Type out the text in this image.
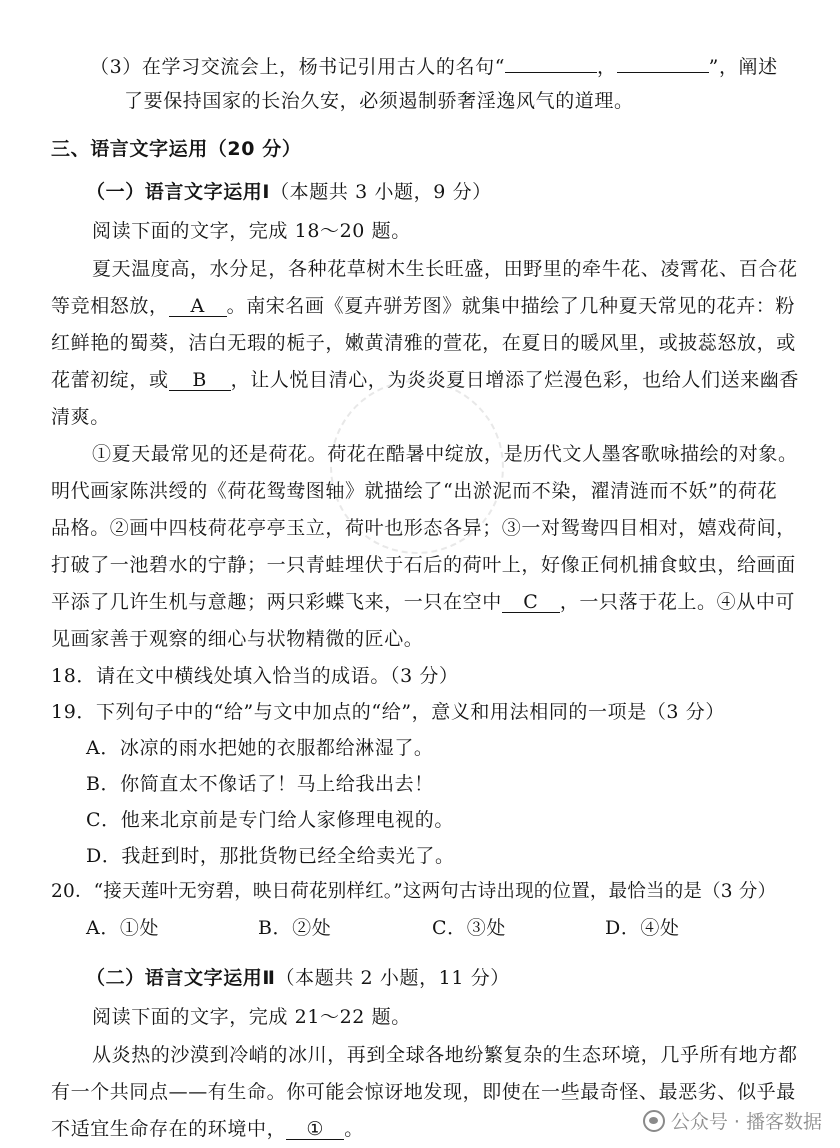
（3）在学习交流会上，杨书记引用古人的名句“	，	”，阐述
了要保持国家的长治久安，必须遏制骄奢淫逸风气的道理。
三、语言文字运用（20 分）
（一）语言文字运用Ⅰ（本题共 3 小题，9 分）
阅读下面的文字，完成 18～20 题。
夏天温度高，水分足，各种花草树木生长旺盛，田野里的牵牛花、凌霄花、百合花
等竞相怒放， A 。南宋名画《夏卉骈芳图》就集中描绘了几种夏天常见的花卉：粉
红鲜艳的蜀葵，洁白无瑕的栀子，嫩黄清雅的萱花，在夏日的暖风里，或披蕊怒放，或
花蕾初绽，或 B ，让人悦目清心，为炎炎夏日增添了烂漫色彩，也给人们送来幽香
清爽。
①夏天最常见的还是荷花。荷花在酷暑中绽放，是历代文人墨客歌咏描绘的对象。
明代画家陈洪绶的《荷花鸳鸯图轴》就描绘了“出淤泥而不染，濯清涟而不妖”的荷花
品格。②画中四枝荷花亭亭玉立，荷叶也形态各异；③一对鸳鸯四目相对，嬉戏荷间，
打破了一池碧水的宁静；一只青蛙埋伏于石后的荷叶上，好像正伺机捕食蚊虫，给画面
平添了几许生机与意趣；两只彩蝶飞来，一只在空中 C ，一只落于花上。④从中可
见画家善于观察的细心与状物精微的匠心。
18．请在文中横线处填入恰当的成语。（3 分）
19．下列句子中的“给”与文中加点的“给”，意义和用法相同的一项是（3 分）
A．冰凉的雨水把她的衣服都给淋湿了。
B．你简直太不像话了！马上给我出去！
C．他来北京前是专门给人家修理电视的。
D．我赶到时，那批货物已经全给卖光了。
20．“接天莲叶无穷碧，映日荷花别样红。”这两句古诗出现的位置，最恰当的是（3 分）
A．①处	B．②处	C．③处	D．④处
（二）语言文字运用Ⅱ（本题共 2 小题，11 分）
阅读下面的文字，完成 21～22 题。
从炎热的沙漠到冷峭的冰川，再到全球各地纷繁复杂的生态环境，几乎所有地方都
有一个共同点——有生命。你可能会惊讶地发现，即使在一些最奇怪、最恶劣、似乎最
不适宜生命存在的环境中， ① 。	公众号 · 播客数据
